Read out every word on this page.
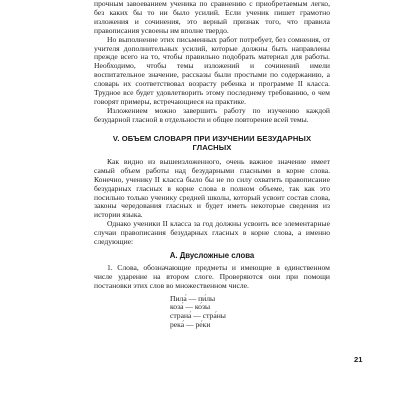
прочным завоеванием ученика по сравнению с приобретаемым легко, без каких бы то ни было усилий. Если ученик пишет грамотно изложения и сочинения, это верный признак того, что правила правописания усвоены им вполне твердо.

Но выполнение этих письменных работ потребует, без сомнения, от учителя дополнительных усилий, которые должны быть направлены прежде всего на то, чтобы правильно подобрать материал для работы. Необходимо, чтобы темы изложений и сочинений имели воспитательное значение, рассказы были простыми по содержанию, а словарь их соответствовал возрасту ребенка и программе II класса. Трудное все будет удовлетворить этому последнему требованию, о чем говорят примеры, встречающиеся на практике.

Изложением можно завершить работу по изучению каждой безударной гласной в отдельности и общее повторение всей темы.

V. ОБЪЕМ СЛОВАРЯ ПРИ ИЗУЧЕНИИ БЕЗУДАРНЫХ ГЛАСНЫХ

Как видно из вышеизложенного, очень важное значение имеет самый объем работы над безударными гласными в корне слова. Конечно, ученику II класса было бы не по силу охватить правописание безударных гласных в корне слова в полном объеме, так как это посильно только ученику средней школы, который усвоит состав слова, законы чередования гласных и будет иметь некоторые сведения из истории языка.

Однако ученики II класса за год должны усвоить все элементарные случаи правописания безударных гласных в корне слова, а именно следующие:

А. Двусложные слова

1. Слова, обозначающие предметы и имеющие в единственном числе ударение на втором слоге. Проверяются они при помощи постановки этих слов во множественном числе.

Пила́ — пи́лы
коза́ — ко́зы
страна́ — стра́ны
река́ — ре́ки
21
